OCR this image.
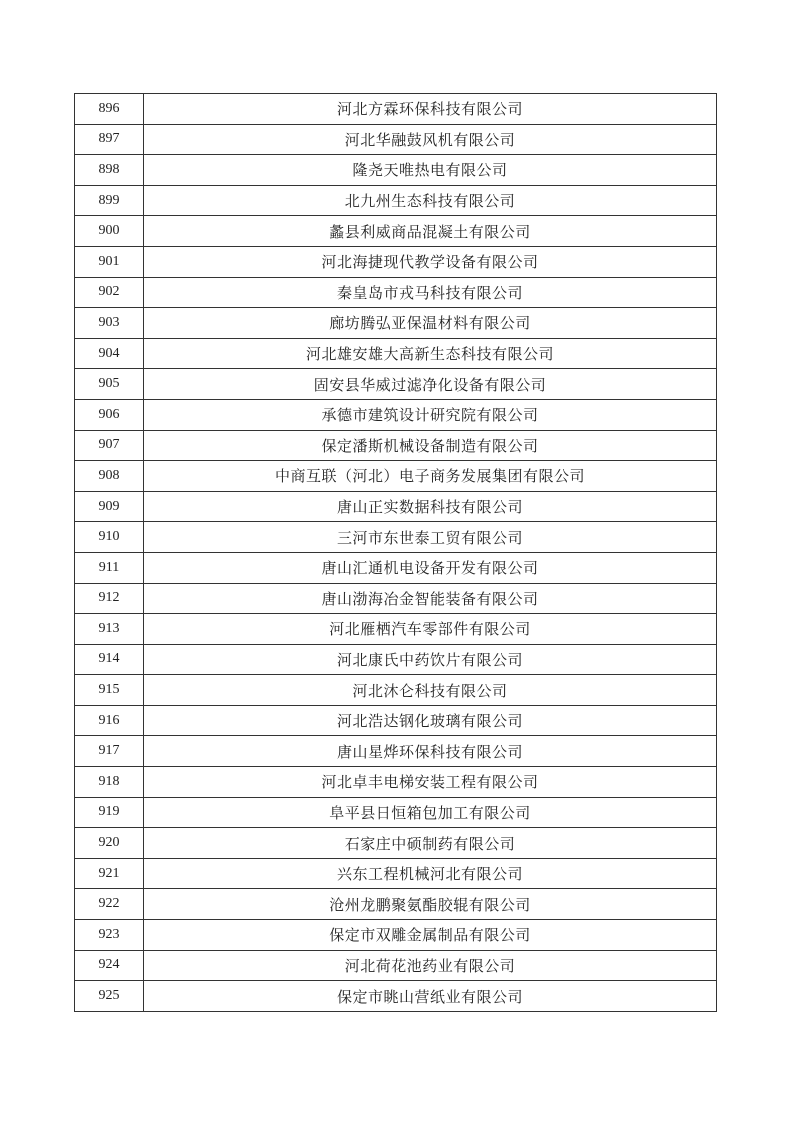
896	河北方霖环保科技有限公司
897	河北华融鼓风机有限公司
898	隆尧天唯热电有限公司
899	北九州生态科技有限公司
900	蠡县利威商品混凝土有限公司
901	河北海捷现代教学设备有限公司
902	秦皇岛市戎马科技有限公司
903	廊坊腾弘亚保温材料有限公司
904	河北雄安雄大高新生态科技有限公司
905	固安县华威过滤净化设备有限公司
906	承德市建筑设计研究院有限公司
907	保定潘斯机械设备制造有限公司
908	中商互联（河北）电子商务发展集团有限公司
909	唐山正实数据科技有限公司
910	三河市东世泰工贸有限公司
911	唐山汇通机电设备开发有限公司
912	唐山渤海冶金智能装备有限公司
913	河北雁栖汽车零部件有限公司
914	河北康氏中药饮片有限公司
915	河北沐仑科技有限公司
916	河北浩达钢化玻璃有限公司
917	唐山星烨环保科技有限公司
918	河北卓丰电梯安装工程有限公司
919	阜平县日恒箱包加工有限公司
920	石家庄中硕制药有限公司
921	兴东工程机械河北有限公司
922	沧州龙鹏聚氨酯胶辊有限公司
923	保定市双雕金属制品有限公司
924	河北荷花池药业有限公司
925	保定市眺山营纸业有限公司
